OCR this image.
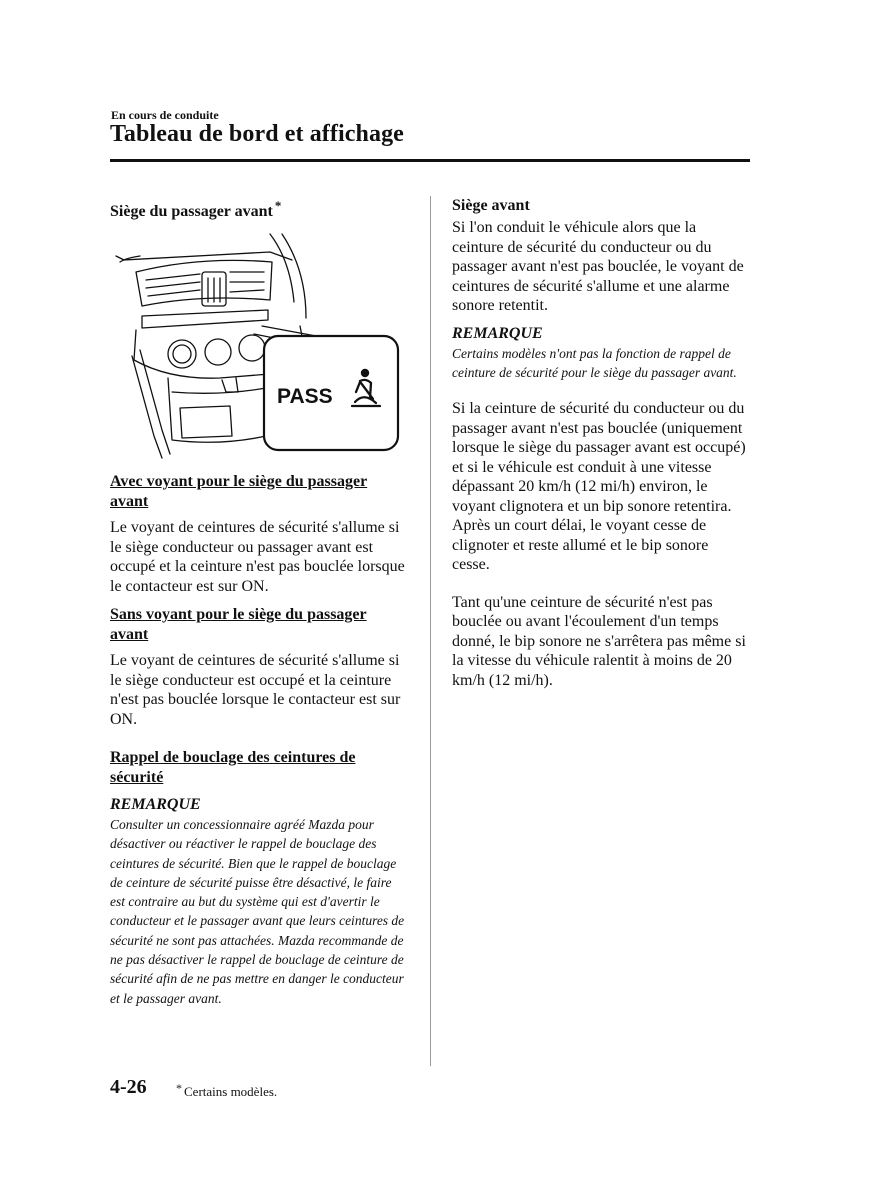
En cours de conduite
Tableau de bord et affichage

Siège du passager avant *

PASS

Avec voyant pour le siège du passager avant

Le voyant de ceintures de sécurité s'allume si le siège conducteur ou passager avant est occupé et la ceinture n'est pas bouclée lorsque le contacteur est sur ON.

Sans voyant pour le siège du passager avant

Le voyant de ceintures de sécurité s'allume si le siège conducteur est occupé et la ceinture n'est pas bouclée lorsque le contacteur est sur ON.

Rappel de bouclage des ceintures de sécurité

REMARQUE

Consulter un concessionnaire agréé Mazda pour désactiver ou réactiver le rappel de bouclage des ceintures de sécurité. Bien que le rappel de bouclage de ceinture de sécurité puisse être désactivé, le faire est contraire au but du système qui est d'avertir le conducteur et le passager avant que leurs ceintures de sécurité ne sont pas attachées. Mazda recommande de ne pas désactiver le rappel de bouclage de ceinture de sécurité afin de ne pas mettre en danger le conducteur et le passager avant.

Siège avant

Si l'on conduit le véhicule alors que la ceinture de sécurité du conducteur ou du passager avant n'est pas bouclée, le voyant de ceintures de sécurité s'allume et une alarme sonore retentit.

REMARQUE

Certains modèles n'ont pas la fonction de rappel de ceinture de sécurité pour le siège du passager avant.

Si la ceinture de sécurité du conducteur ou du passager avant n'est pas bouclée (uniquement lorsque le siège du passager avant est occupé) et si le véhicule est conduit à une vitesse dépassant 20 km/h (12 mi/h) environ, le voyant clignotera et un bip sonore retentira. Après un court délai, le voyant cesse de clignoter et reste allumé et le bip sonore cesse.

Tant qu'une ceinture de sécurité n'est pas bouclée ou avant l'écoulement d'un temps donné, le bip sonore ne s'arrêtera pas même si la vitesse du véhicule ralentit à moins de 20 km/h (12 mi/h).

4-26 * Certains modèles.
